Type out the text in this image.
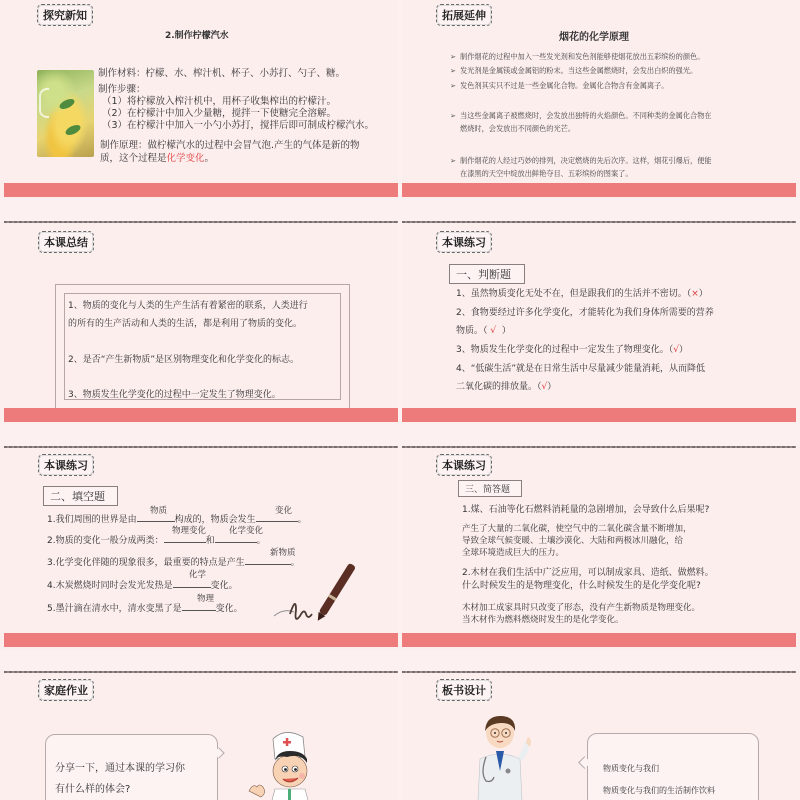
探究新知
2.制作柠檬汽水
制作材料：柠檬、水、榨汁机、杯子、小苏打、勺子、糖。
制作步骤：
（1）将柠檬放入榨汁机中，用杯子收集榨出的柠檬汁。
（2）在柠檬汁中加入少量糖，搅拌一下使糖完全溶解。
（3）在柠檬汁中加入一小勺小苏打，搅拌后即可制成柠檬汽水。
制作原理：做柠檬汽水的过程中会冒气泡.产生的气体是新的物
质，这个过程是化学变化。
拓展延伸
烟花的化学原理
➢ 制作烟花的过程中加入一些发光剂和发色剂能够使烟花放出五彩缤纷的颜色。
➢ 发光剂是金属镁或金属铝的粉末。当这些金属燃烧时，会发出白炽的强光。
➢ 发色剂其实只不过是一些金属化合物。金属化合物含有金属离子。
➢ 当这些金属离子被燃烧时，会发放出独特的火焰颜色。不同种类的金属化合物在
燃烧时，会发放出不同颜色的光芒。
➢ 制作烟花的人经过巧妙的排列，决定燃烧的先后次序。这样，烟花引爆后，便能
在漆黑的天空中绽放出鲜艳夺目、五彩缤纷的图案了。
本课总结
1、物质的变化与人类的生产生活有着紧密的联系，人类进行
的所有的生产活动和人类的生活，都是利用了物质的变化。
2、是否“产生新物质”是区别物理变化和化学变化的标志。
3、物质发生化学变化的过程中一定发生了物理变化。
本课练习
一、判断题
1、虽然物质变化无处不在，但是跟我们的生活并不密切。（×）
2、食物要经过许多化学变化，才能转化为我们身体所需要的营养
物质。（ √ ）
3、物质发生化学变化的过程中一定发生了物理变化。（√）
4、“低碳生活”就是在日常生活中尽量减少能量消耗，从而降低
二氧化碳的排放量。（√）
本课练习
二、填空题
1.我们周围的世界是由	构成的，物质会发生	。
物质	变化
2.物质的变化一般分成两类：	和	。
物理变化	化学变化
3.化学变化伴随的现象很多，最重要的特点是产生	。
新物质
4.木炭燃烧时同时会发光发热是	变化。
化学
5.墨汁滴在清水中，清水变黑了是	变化。
物理
本课练习
三、简答题
1.煤、石油等化石燃料消耗量的急剧增加，会导致什么后果呢?
产生了大量的二氧化碳，使空气中的二氧化碳含量不断增加，
导致全球气候变暖、土壤沙漠化、大陆和两极冰川融化，给
全球环境造成巨大的压力。
2.木材在我们生活中广泛应用，可以制成家具、造纸、做燃料。
什么时候发生的是物理变化，什么时候发生的是化学变化呢?
木材加工成家具时只改变了形态，没有产生新物质是物理变化。
当木材作为燃料燃烧时发生的是化学变化。
家庭作业
分享一下，通过本课的学习你
有什么样的体会?
板书设计
物质变化与我们
物质变化与我们的生活制作饮料
